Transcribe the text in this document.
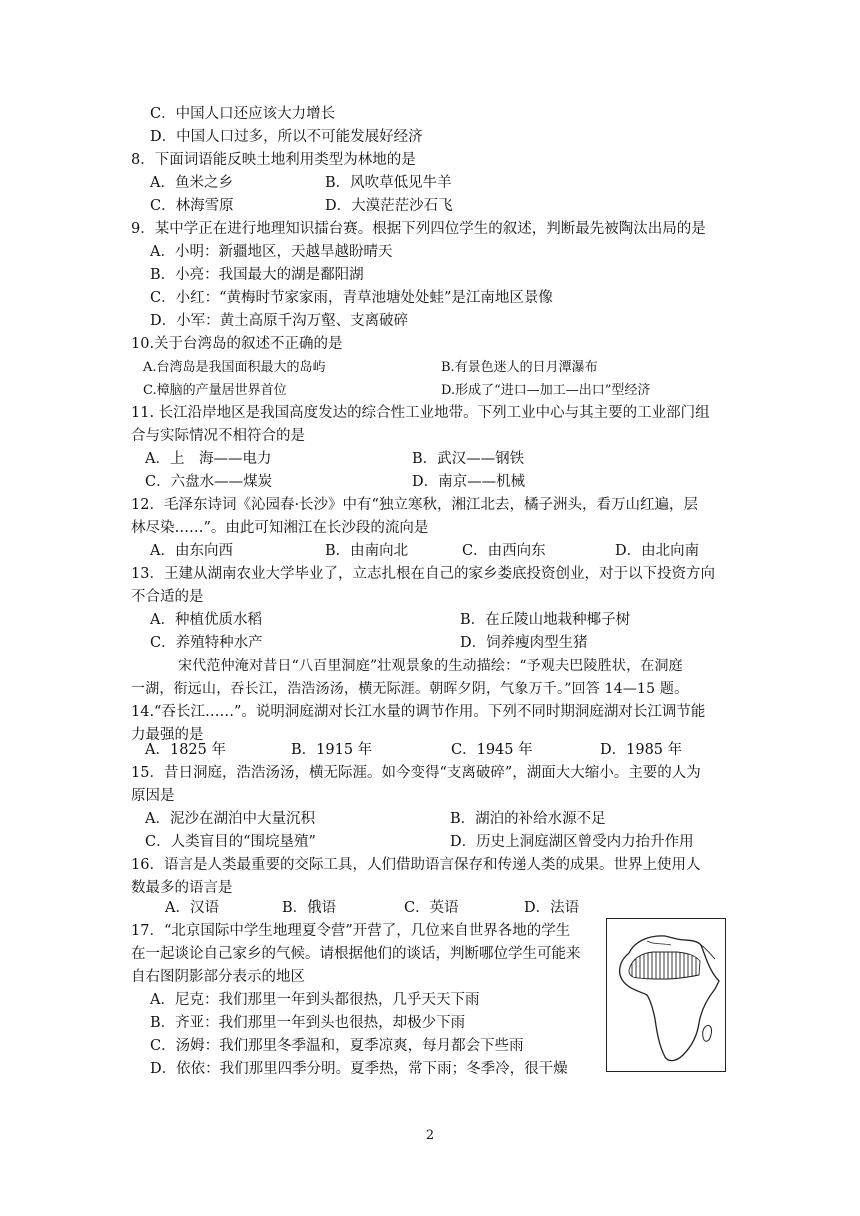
C．中国人口还应该大力增长
D．中国人口过多，所以不可能发展好经济
8．下面词语能反映土地利用类型为林地的是
A．鱼米之乡	B．风吹草低见牛羊
C．林海雪原	D．大漠茫茫沙石飞
9．某中学正在进行地理知识擂台赛。根据下列四位学生的叙述，判断最先被陶汰出局的是
A．小明：新疆地区，天越旱越盼晴天
B．小亮：我国最大的湖是鄱阳湖
C．小红：“黄梅时节家家雨，青草池塘处处蛙”是江南地区景像
D．小军：黄土高原千沟万壑、支离破碎
10.关于台湾岛的叙述不正确的是
A.台湾岛是我国面积最大的岛屿	B.有景色迷人的日月潭瀑布
C.樟脑的产量居世界首位	D.形成了“进口—加工—出口”型经济
11. 长江沿岸地区是我国高度发达的综合性工业地带。下列工业中心与其主要的工业部门组
合与实际情况不相符合的是
A．上　海——电力	B．武汉——钢铁
C．六盘水——煤炭	D．南京——机械
12．毛泽东诗词《沁园春·长沙》中有“独立寒秋，湘江北去，橘子洲头，看万山红遍，层
林尽染……”。由此可知湘江在长沙段的流向是
A．由东向西	B．由南向北	C．由西向东	D．由北向南
13．王建从湖南农业大学毕业了，立志扎根在自己的家乡娄底投资创业，对于以下投资方向
不合适的是
A．种植优质水稻	B．在丘陵山地栽种椰子树
C．养殖特种水产	D．饲养瘦肉型生猪
宋代范仲淹对昔日“八百里洞庭”壮观景象的生动描绘：“予观夫巴陵胜状，在洞庭
一湖，衔远山，吞长江，浩浩汤汤，横无际涯。朝晖夕阴，气象万千。”回答 14—15 题。
14.“吞长江……”。说明洞庭湖对长江水量的调节作用。下列不同时期洞庭湖对长江调节能
力最强的是
A．1825 年	B．1915 年	C．1945 年	D．1985 年
15．昔日洞庭，浩浩汤汤，横无际涯。如今变得“支离破碎”，湖面大大缩小。主要的人为
原因是
A．泥沙在湖泊中大量沉积	B．湖泊的补给水源不足
C．人类盲目的“围垸垦殖”	D．历史上洞庭湖区曾受内力抬升作用
16．语言是人类最重要的交际工具，人们借助语言保存和传递人类的成果。世界上使用人
数最多的语言是
A．汉语	B．俄语	C．英语	D．法语
17．“北京国际中学生地理夏令营”开营了，几位来自世界各地的学生
在一起谈论自己家乡的气候。请根据他们的谈话，判断哪位学生可能来
自右图阴影部分表示的地区
A．尼克：我们那里一年到头都很热，几乎天天下雨
B．齐亚：我们那里一年到头也很热，却极少下雨
C．汤姆：我们那里冬季温和，夏季凉爽，每月都会下些雨
D．依依：我们那里四季分明。夏季热，常下雨；冬季冷，很干燥
2
